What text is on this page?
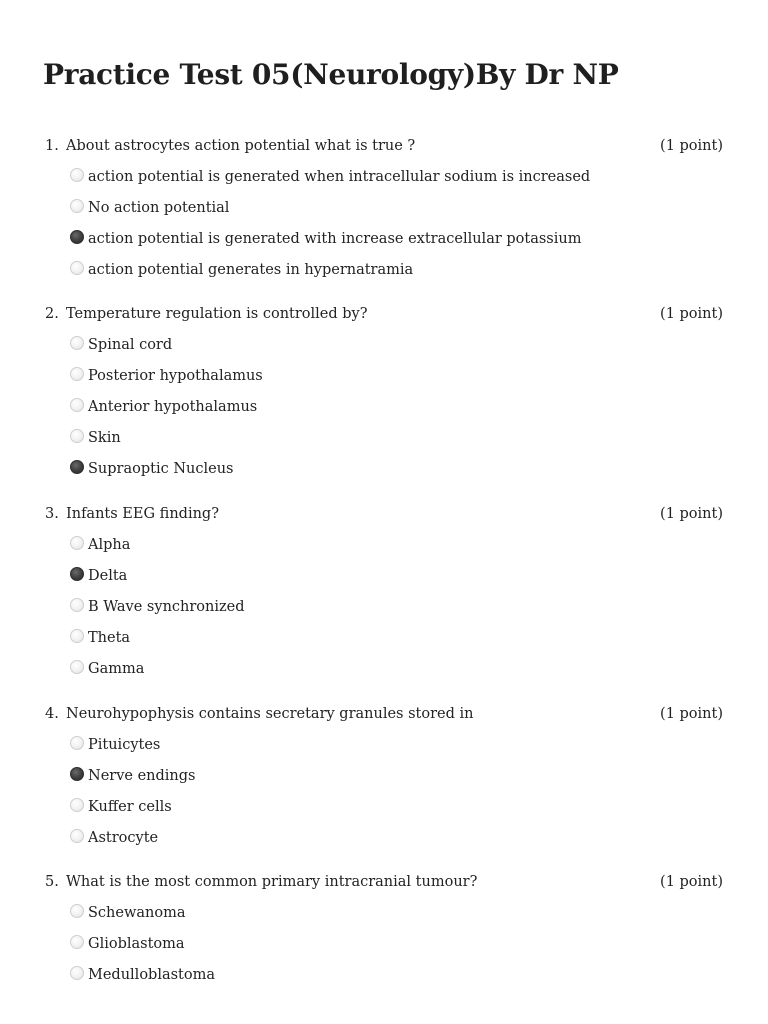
Practice Test 05(Neurology)By Dr NP
1. About astrocytes action potential what is true ?	(1 point)
action potential is generated when intracellular sodium is increased
No action potential
action potential is generated with increase extracellular potassium
action potential generates in hypernatramia
2. Temperature regulation is controlled by?	(1 point)
Spinal cord
Posterior hypothalamus
Anterior hypothalamus
Skin
Supraoptic Nucleus
3. Infants EEG finding?	(1 point)
Alpha
Delta
B Wave synchronized
Theta
Gamma
4. Neurohypophysis contains secretary granules stored in	(1 point)
Pituicytes
Nerve endings
Kuffer cells
Astrocyte
5. What is the most common primary intracranial tumour?	(1 point)
Schewanoma
Glioblastoma
Medulloblastoma
